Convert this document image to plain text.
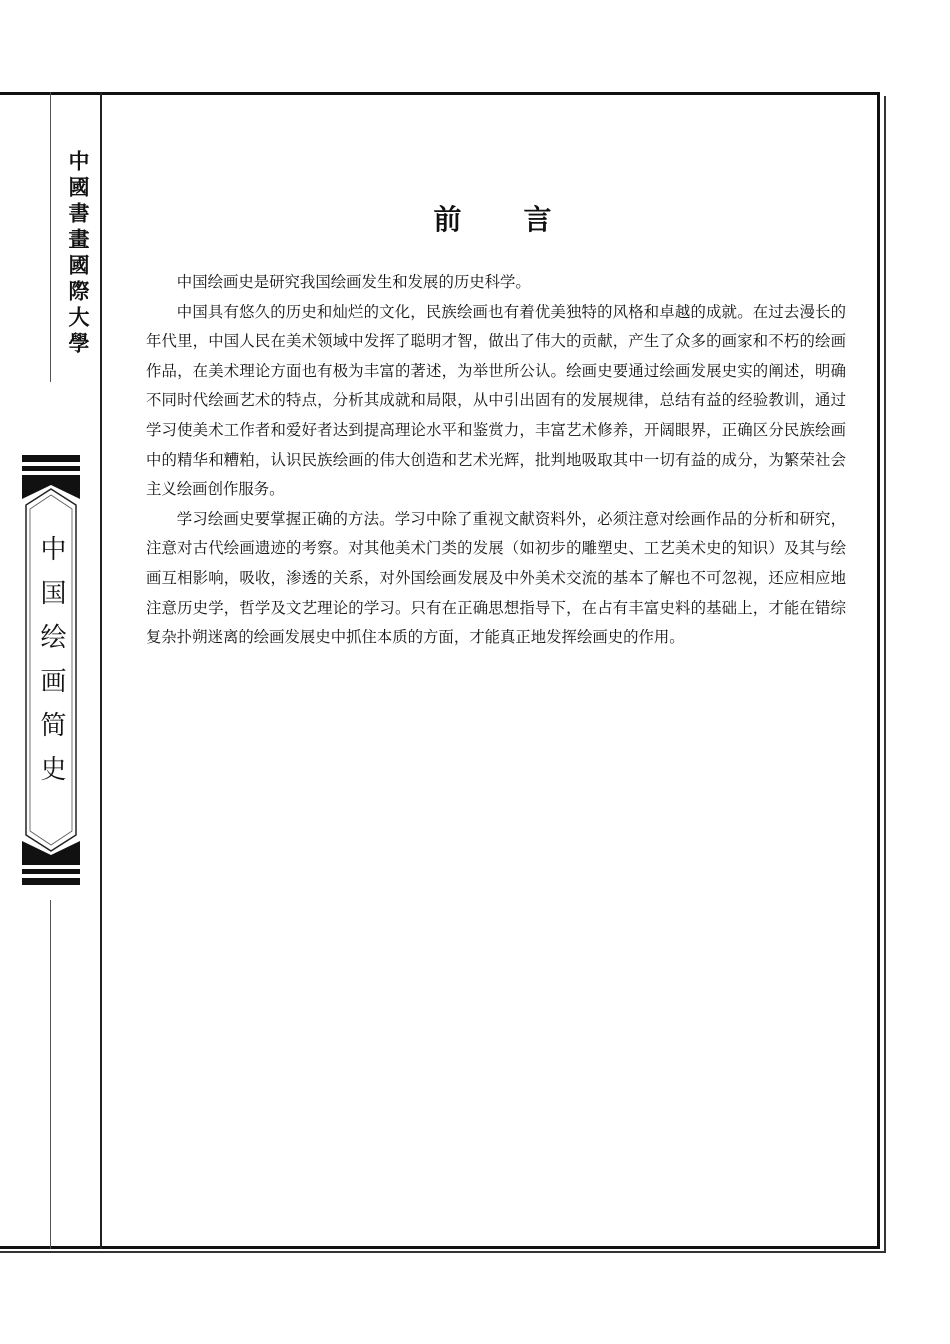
中國書畫國際大學
中国绘画简史
前言

中国绘画史是研究我国绘画发生和发展的历史科学。

中国具有悠久的历史和灿烂的文化，民族绘画也有着优美独特的风格和卓越的成就。在过去漫长的年代里，中国人民在美术领域中发挥了聪明才智，做出了伟大的贡献，产生了众多的画家和不朽的绘画作品，在美术理论方面也有极为丰富的著述，为举世所公认。绘画史要通过绘画发展史实的阐述，明确不同时代绘画艺术的特点，分析其成就和局限，从中引出固有的发展规律，总结有益的经验教训，通过学习使美术工作者和爱好者达到提高理论水平和鉴赏力，丰富艺术修养，开阔眼界，正确区分民族绘画中的精华和糟粕，认识民族绘画的伟大创造和艺术光辉，批判地吸取其中一切有益的成分，为繁荣社会主义绘画创作服务。

学习绘画史要掌握正确的方法。学习中除了重视文献资料外，必须注意对绘画作品的分析和研究，注意对古代绘画遗迹的考察。对其他美术门类的发展（如初步的雕塑史、工艺美术史的知识）及其与绘画互相影响，吸收，渗透的关系，对外国绘画发展及中外美术交流的基本了解也不可忽视，还应相应地注意历史学，哲学及文艺理论的学习。只有在正确思想指导下，在占有丰富史料的基础上，才能在错综复杂扑朔迷离的绘画发展史中抓住本质的方面，才能真正地发挥绘画史的作用。
